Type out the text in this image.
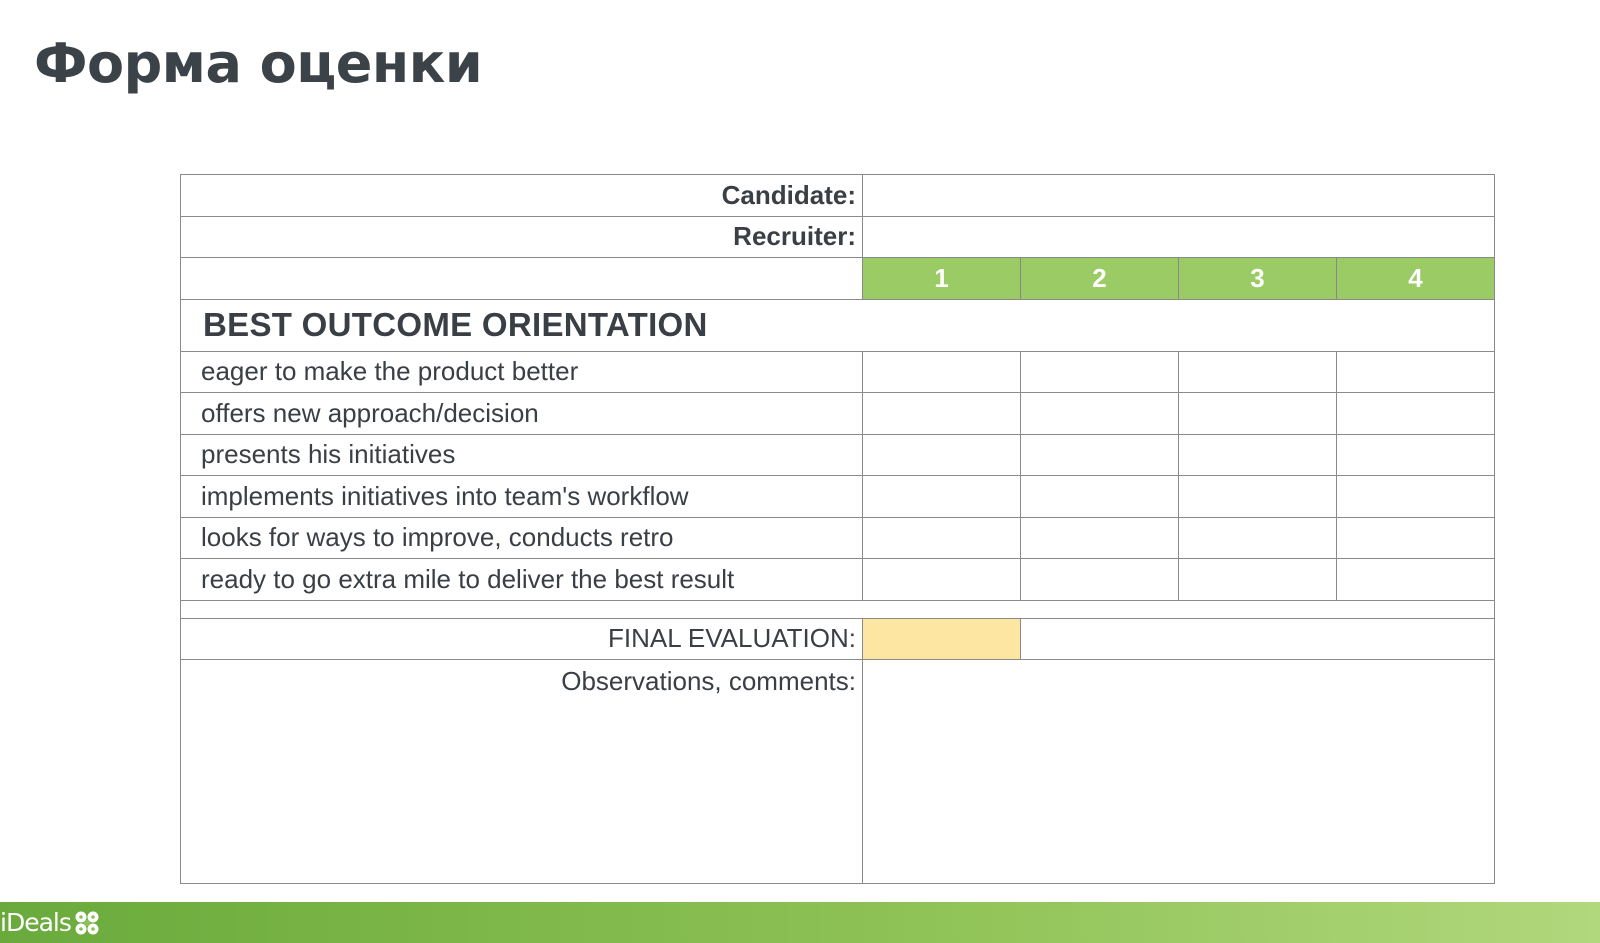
Форма оценки
Candidate:				
Recruiter:				
	1	2	3	4
BEST OUTCOME ORIENTATION				
eager to make the product better				
offers new approach/decision				
presents his initiatives				
implements initiatives into team's workflow				
looks for ways to improve, conducts retro				
ready to go extra mile to deliver the best result				

FINAL EVALUATION:				
Observations, comments:				
iDeals
